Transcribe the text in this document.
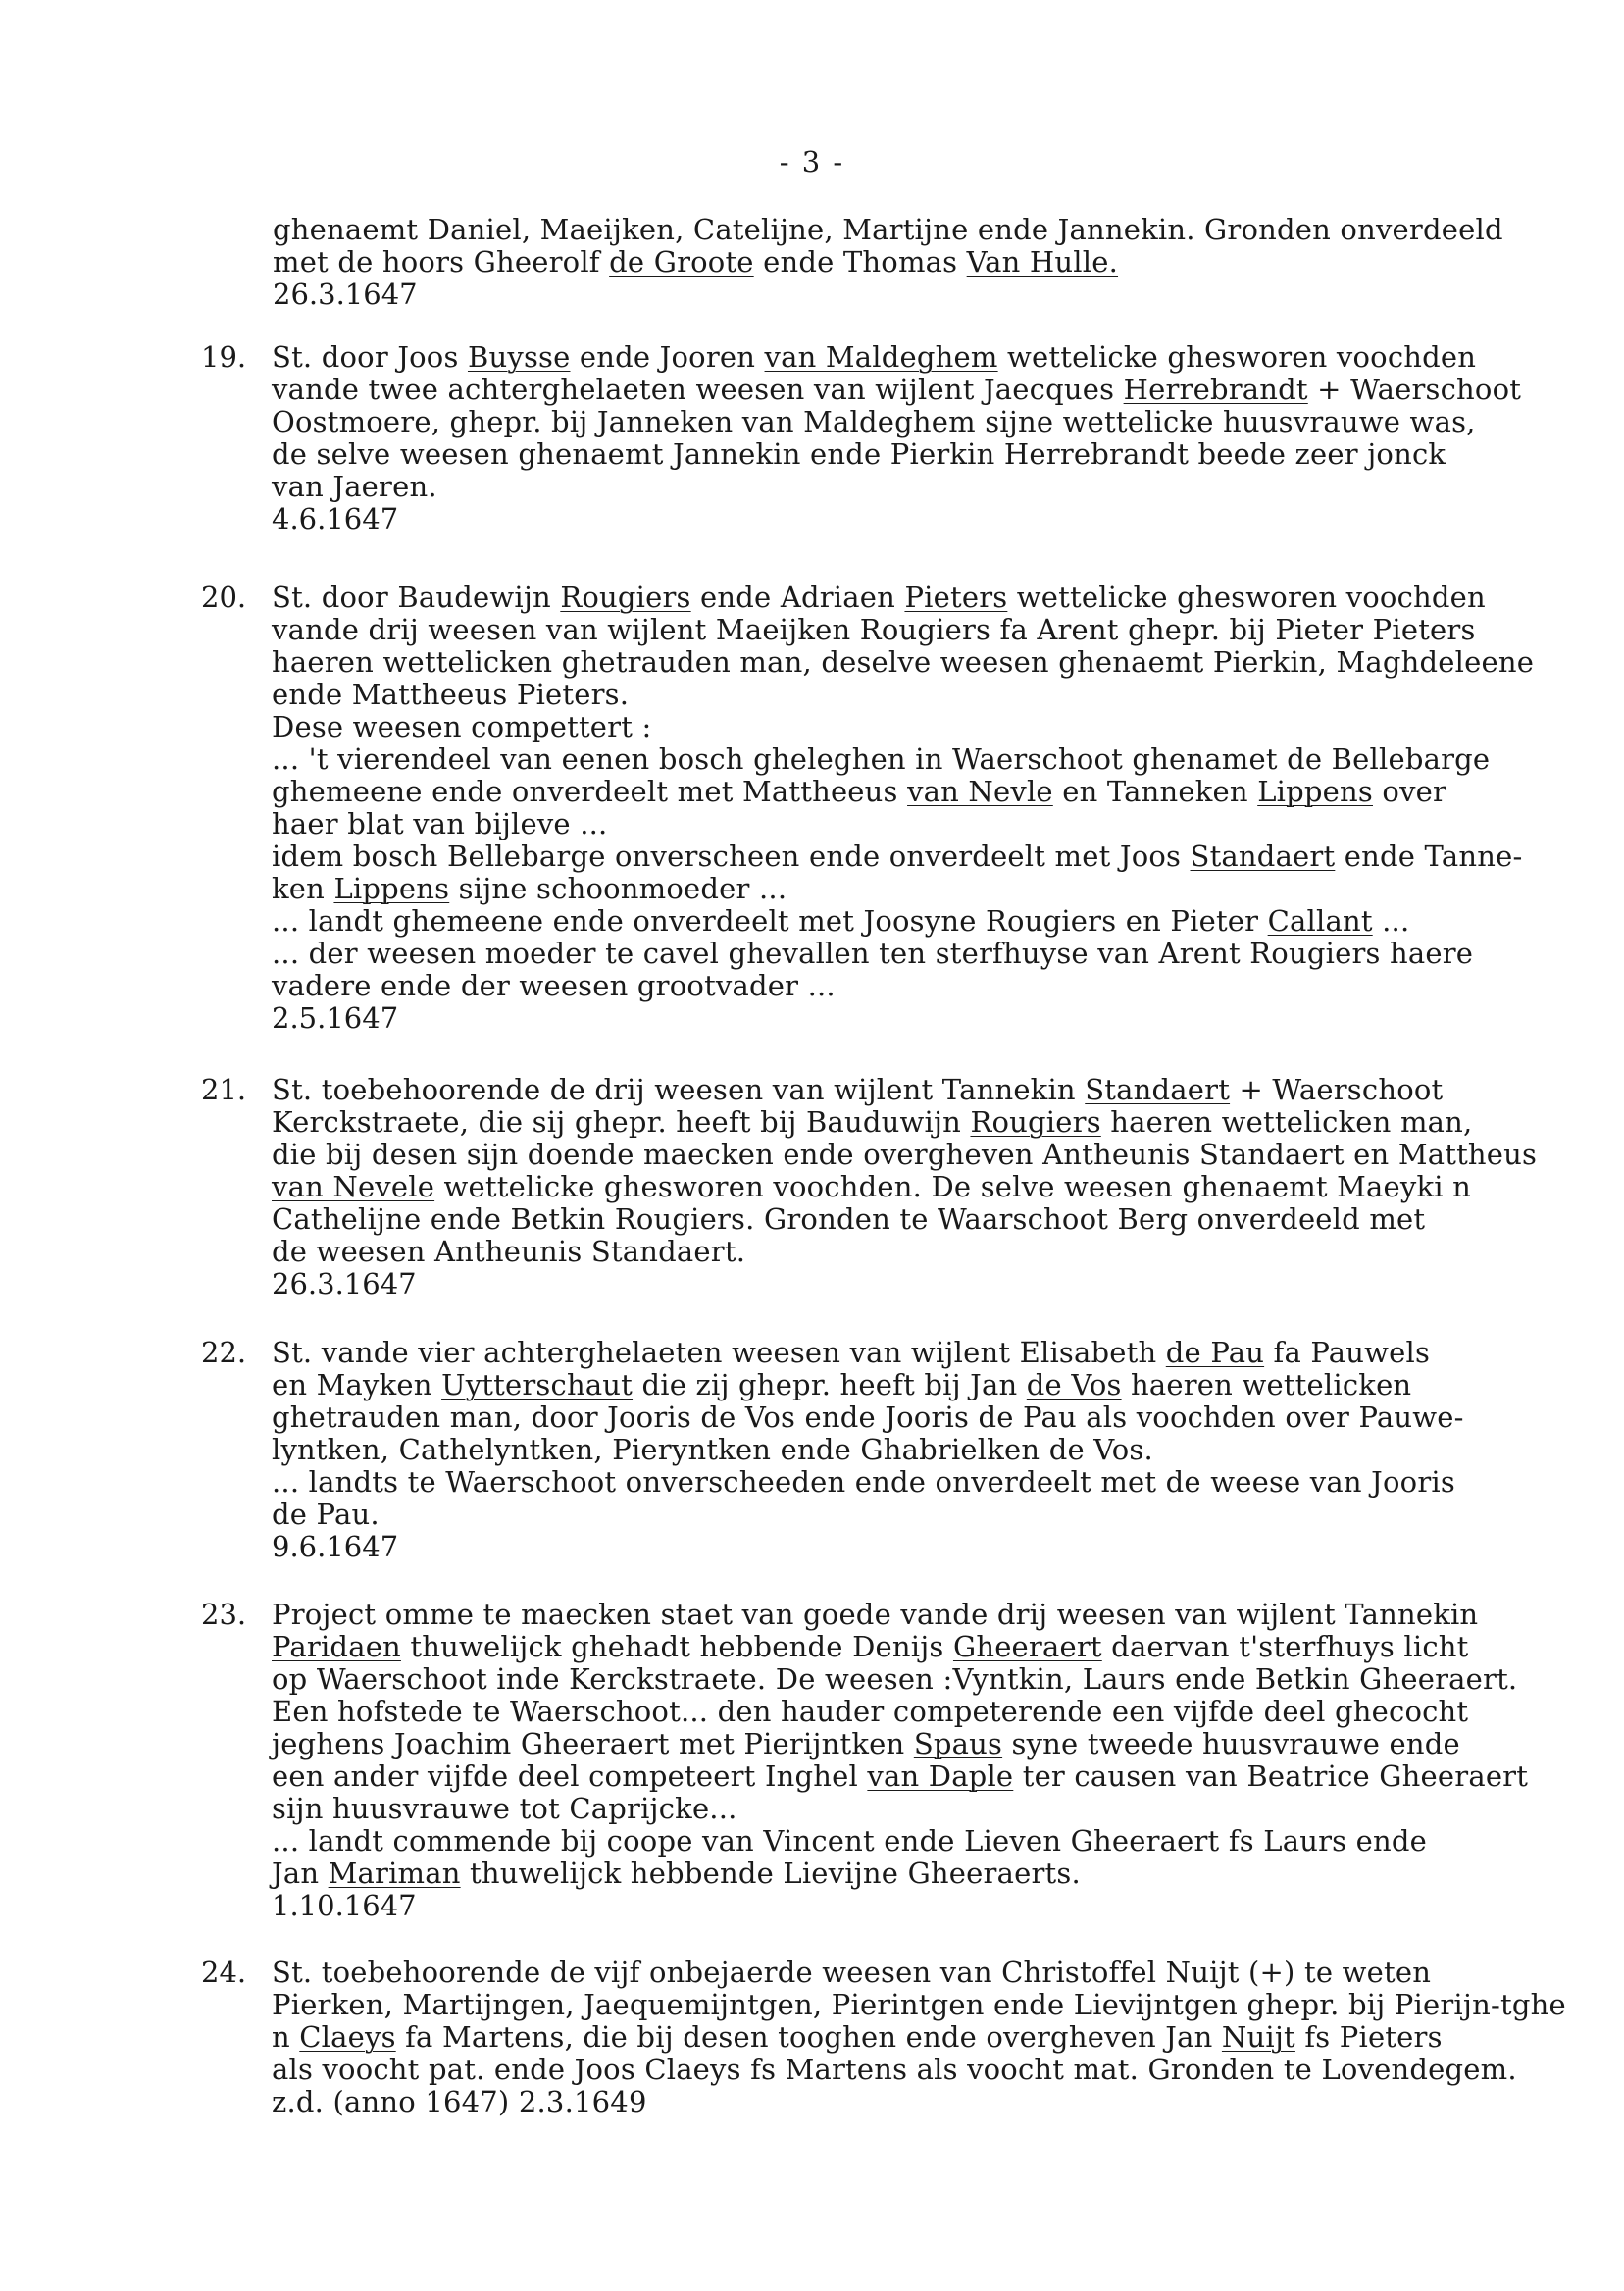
- 3 -
ghenaemt Daniel, Maeijken, Catelijne, Martijne ende Jannekin. Gronden onverdeeld
met de hoors Gheerolf de Groote ende Thomas Van Hulle.
26.3.1647
19. St. door Joos Buysse ende Jooren van Maldeghem wettelicke ghesworen voochden
vande twee achterghelaeten weesen van wijlent Jaecques Herrebrandt + Waerschoot
Oostmoere, ghepr. bij Janneken van Maldeghem sijne wettelicke huusvrauwe was,
de selve weesen ghenaemt Jannekin ende Pierkin Herrebrandt beede zeer jonck
van Jaeren.
4.6.1647
20. St. door Baudewijn Rougiers ende Adriaen Pieters wettelicke ghesworen voochden
vande drij weesen van wijlent Maeijken Rougiers fa Arent ghepr. bij Pieter Pieters
haeren wettelicken ghetrauden man, deselve weesen ghenaemt Pierkin, Maghdeleene
ende Mattheeus Pieters.
Dese weesen compettert :
... 't vierendeel van eenen bosch gheleghen in Waerschoot ghenamet de Bellebarge
ghemeene ende onverdeelt met Mattheeus van Nevle en Tanneken Lippens over
haer blat van bijleve ...
idem bosch Bellebarge onverscheen ende onverdeelt met Joos Standaert ende Tanne-
ken Lippens sijne schoonmoeder ...
... landt ghemeene ende onverdeelt met Joosyne Rougiers en Pieter Callant ...
... der weesen moeder te cavel ghevallen ten sterfhuyse van Arent Rougiers haere
vadere ende der weesen grootvader ...
2.5.1647
21. St. toebehoorende de drij weesen van wijlent Tannekin Standaert + Waerschoot
Kerckstraete, die sij ghepr. heeft bij Bauduwijn Rougiers haeren wettelicken man,
die bij desen sijn doende maecken ende overgheven Antheunis Standaert en Mattheus
van Nevele wettelicke ghesworen voochden. De selve weesen ghenaemt Maeyki n
Cathelijne ende Betkin Rougiers. Gronden te Waarschoot Berg onverdeeld met
de weesen Antheunis Standaert.
26.3.1647
22. St. vande vier achterghelaeten weesen van wijlent Elisabeth de Pau fa Pauwels
en Mayken Uytterschaut die zij ghepr. heeft bij Jan de Vos haeren wettelicken
ghetrauden man, door Jooris de Vos ende Jooris de Pau als voochden over Pauwe-
lyntken, Cathelyntken, Pieryntken ende Ghabrielken de Vos.
... landts te Waerschoot onverscheeden ende onverdeelt met de weese van Jooris
de Pau.
9.6.1647
23. Project omme te maecken staet van goede vande drij weesen van wijlent Tannekin
Paridaen thuwelijck ghehadt hebbende Denijs Gheeraert daervan t'sterfhuys licht
op Waerschoot inde Kerckstraete. De weesen :Vyntkin, Laurs ende Betkin Gheeraert.
Een hofstede te Waerschoot... den hauder competerende een vijfde deel ghecocht
jeghens Joachim Gheeraert met Pierijntken Spaus syne tweede huusvrauwe ende
een ander vijfde deel competeert Inghel van Daple ter causen van Beatrice Gheeraert
sijn huusvrauwe tot Caprijcke...
... landt commende bij coope van Vincent ende Lieven Gheeraert fs Laurs ende
Jan Mariman thuwelijck hebbende Lievijne Gheeraerts.
1.10.1647
24. St. toebehoorende de vijf onbejaerde weesen van Christoffel Nuijt (+) te weten
Pierken, Martijngen, Jaequemijntgen, Pierintgen ende Lievijntgen ghepr. bij Pierijn-tghe
n Claeys fa Martens, die bij desen tooghen ende overgheven Jan Nuijt fs Pieters
als voocht pat. ende Joos Claeys fs Martens als voocht mat. Gronden te Lovendegem.
z.d. (anno 1647) 2.3.1649
